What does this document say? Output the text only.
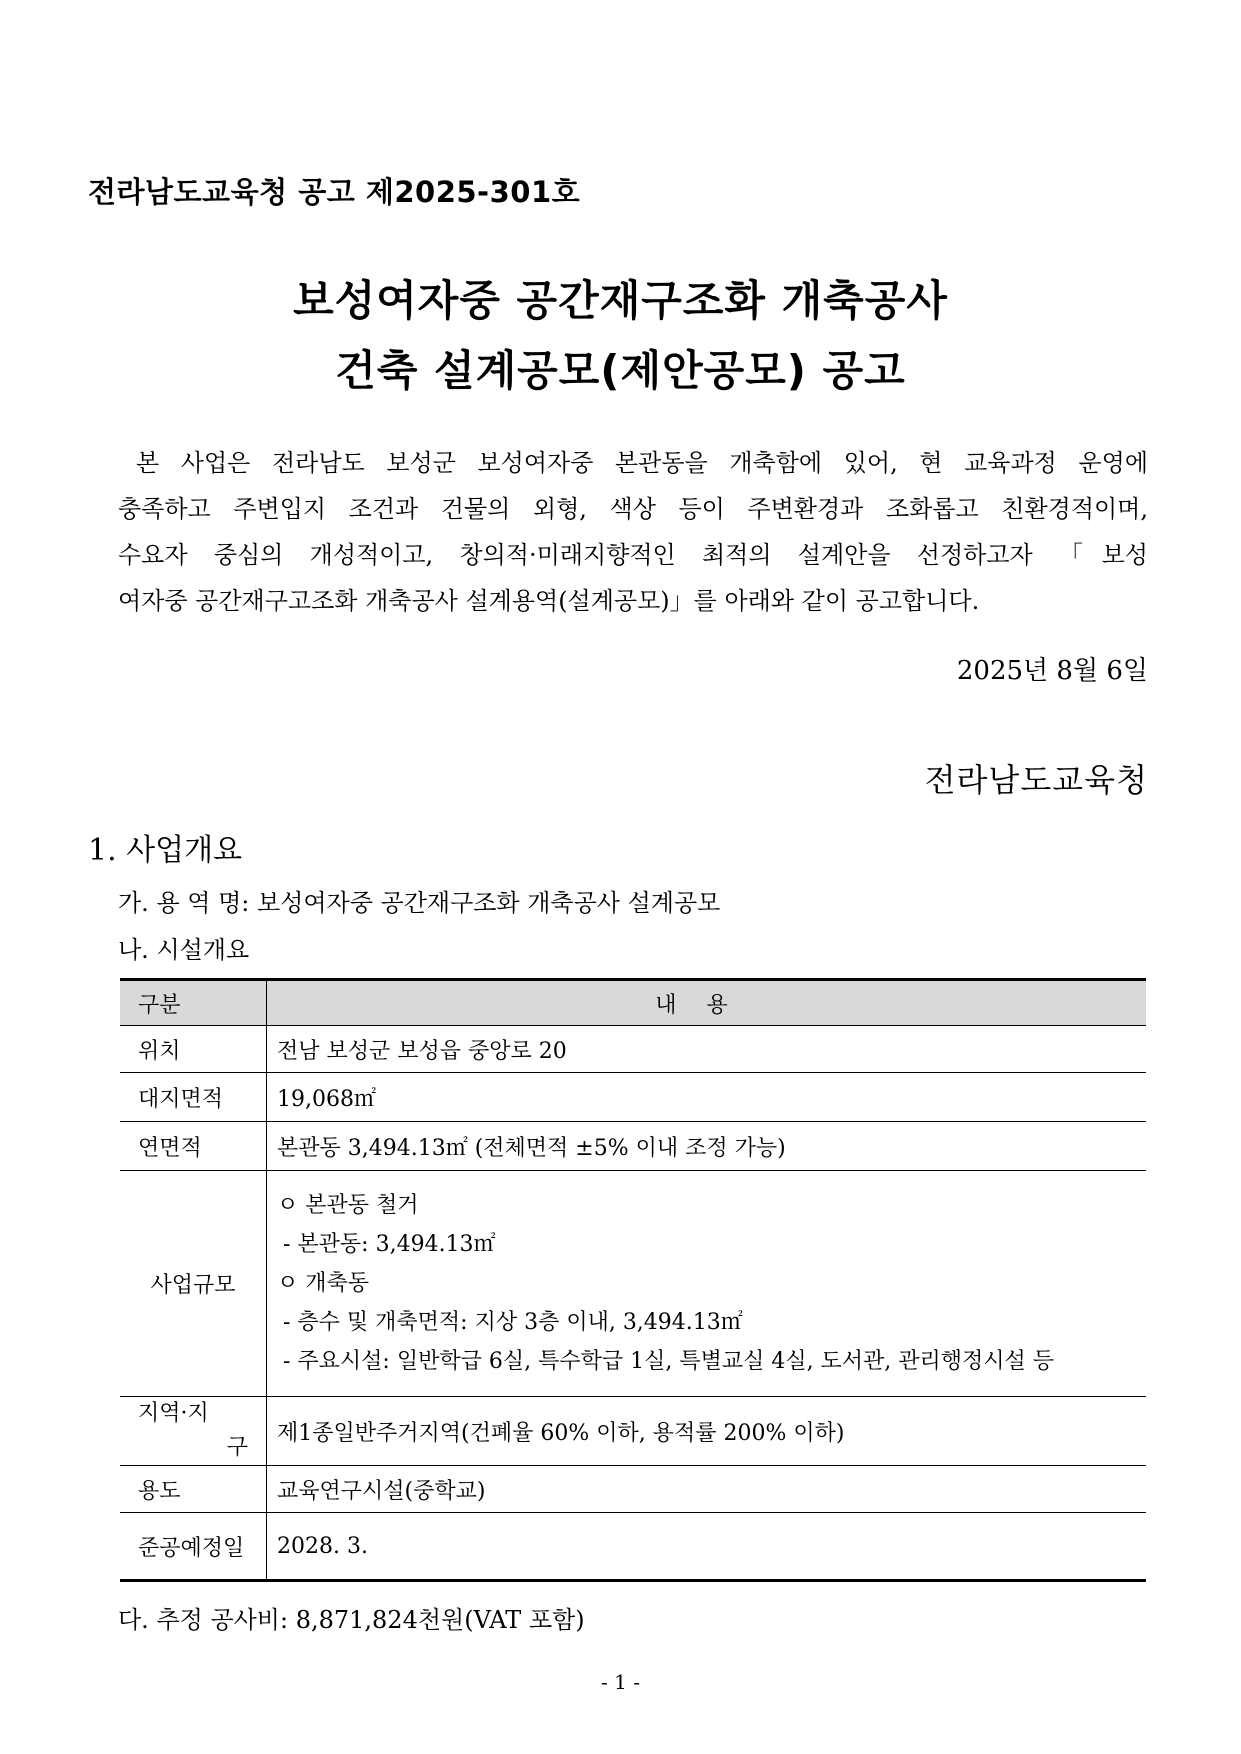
전라남도교육청 공고 제2025-301호
보성여자중 공간재구조화 개축공사
건축 설계공모(제안공모) 공고
본 사업은 전라남도 보성군 보성여자중 본관동을 개축함에 있어, 현 교육과정 운영에
충족하고 주변입지 조건과 건물의 외형, 색상 등이 주변환경과 조화롭고 친환경적이며,
수요자 중심의 개성적이고, 창의적·미래지향적인 최적의 설계안을 선정하고자 「보성
여자중 공간재구고조화 개축공사 설계용역(설계공모)」를 아래와 같이 공고합니다.
2025년 8월 6일
전라남도교육청
1. 사업개요
가. 용 역 명: 보성여자중 공간재구조화 개축공사 설계공모
나. 시설개요
구분	내용
위치	전남 보성군 보성읍 중앙로 20
대지면적	19,068㎡
연면적	본관동 3,494.13㎡ (전체면적 ±5% 이내 조정 가능)
사업규모	ㅇ 본관동 철거
- 본관동: 3,494.13㎡
ㅇ 개축동
- 층수 및 개축면적: 지상 3층 이내, 3,494.13㎡
- 주요시설: 일반학급 6실, 특수학급 1실, 특별교실 4실, 도서관, 관리행정시설 등

지역·지
구	제1종일반주거지역(건폐율 60% 이하, 용적률 200% 이하)
용도	교육연구시설(중학교)
준공예정일	2028. 3.
다. 추정 공사비: 8,871,824천원(VAT 포함)
- 1 -
